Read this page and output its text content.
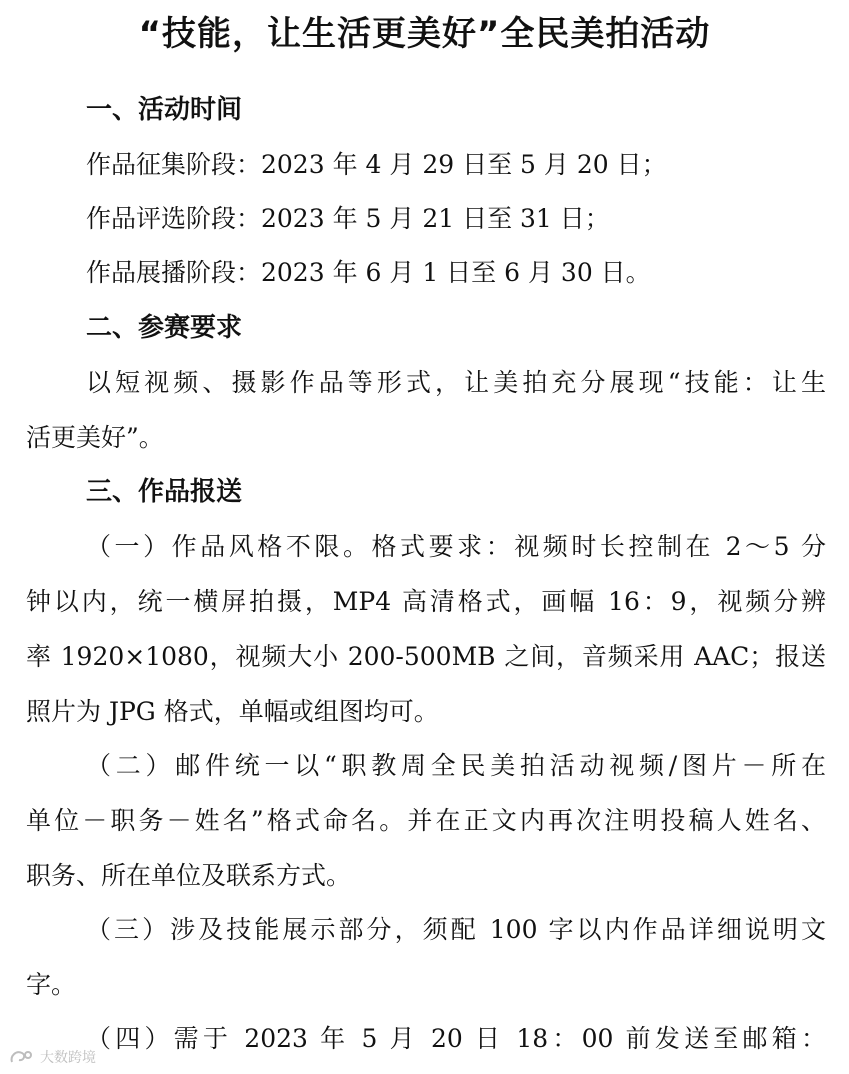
“技能，让生活更美好”全民美拍活动
一、活动时间
作品征集阶段：2023 年 4 月 29 日至 5 月 20 日；
作品评选阶段：2023 年 5 月 21 日至 31 日；
作品展播阶段：2023 年 6 月 1 日至 6 月 30 日。
二、参赛要求
以短视频、摄影作品等形式，让美拍充分展现“技能：让生
活更美好”。
三、作品报送
（一）作品风格不限。格式要求：视频时长控制在 2～5 分
钟以内，统一横屏拍摄，MP4 高清格式，画幅 16：9，视频分辨
率 1920×1080，视频大小 200-500MB 之间，音频采用 AAC；报送
照片为 JPG 格式，单幅或组图均可。
（二）邮件统一以“职教周全民美拍活动视频/图片－所在
单位－职务－姓名”格式命名。并在正文内再次注明投稿人姓名、
职务、所在单位及联系方式。
（三）涉及技能展示部分，须配 100 字以内作品详细说明文
字。
（四）需于 2023 年 5 月 20 日 18：00 前发送至邮箱：
大数跨境
